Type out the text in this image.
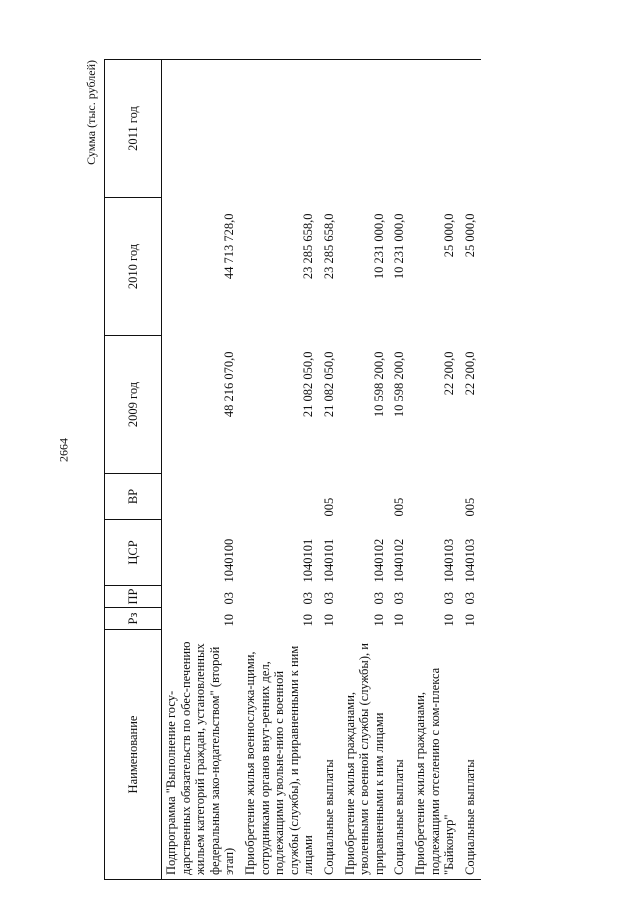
2664
Сумма (тыс. рублей)
Наименование	Рз	ПР	ЦСР	ВР	2009 год	2010 год	2011 год
Подпрограмма "Выполнение госу-дарственных обязательств по обес-печению жильем категорий граждан, установленных федеральным зако-нодательством" (второй этап)	10	03	1040100		48 216 070,0	44 713 728,0	
Приобретение жилья военнослужа-щими, сотрудниками органов внут-ренних дел, подлежащими увольне-нию с военной службы (службы), и приравненными к ним лицами	10	03	1040101		21 082 050,0	23 285 658,0	
Социальные выплаты	10	03	1040101	005	21 082 050,0	23 285 658,0	
Приобретение жилья гражданами, уволенными с военной службы (службы), и приравненными к ним лицами	10	03	1040102		10 598 200,0	10 231 000,0	
Социальные выплаты	10	03	1040102	005	10 598 200,0	10 231 000,0	
Приобретение жилья гражданами, подлежащими отселению с ком-плекса "Байконур"	10	03	1040103		22 200,0	25 000,0	
Социальные выплаты	10	03	1040103	005	22 200,0	25 000,0	
